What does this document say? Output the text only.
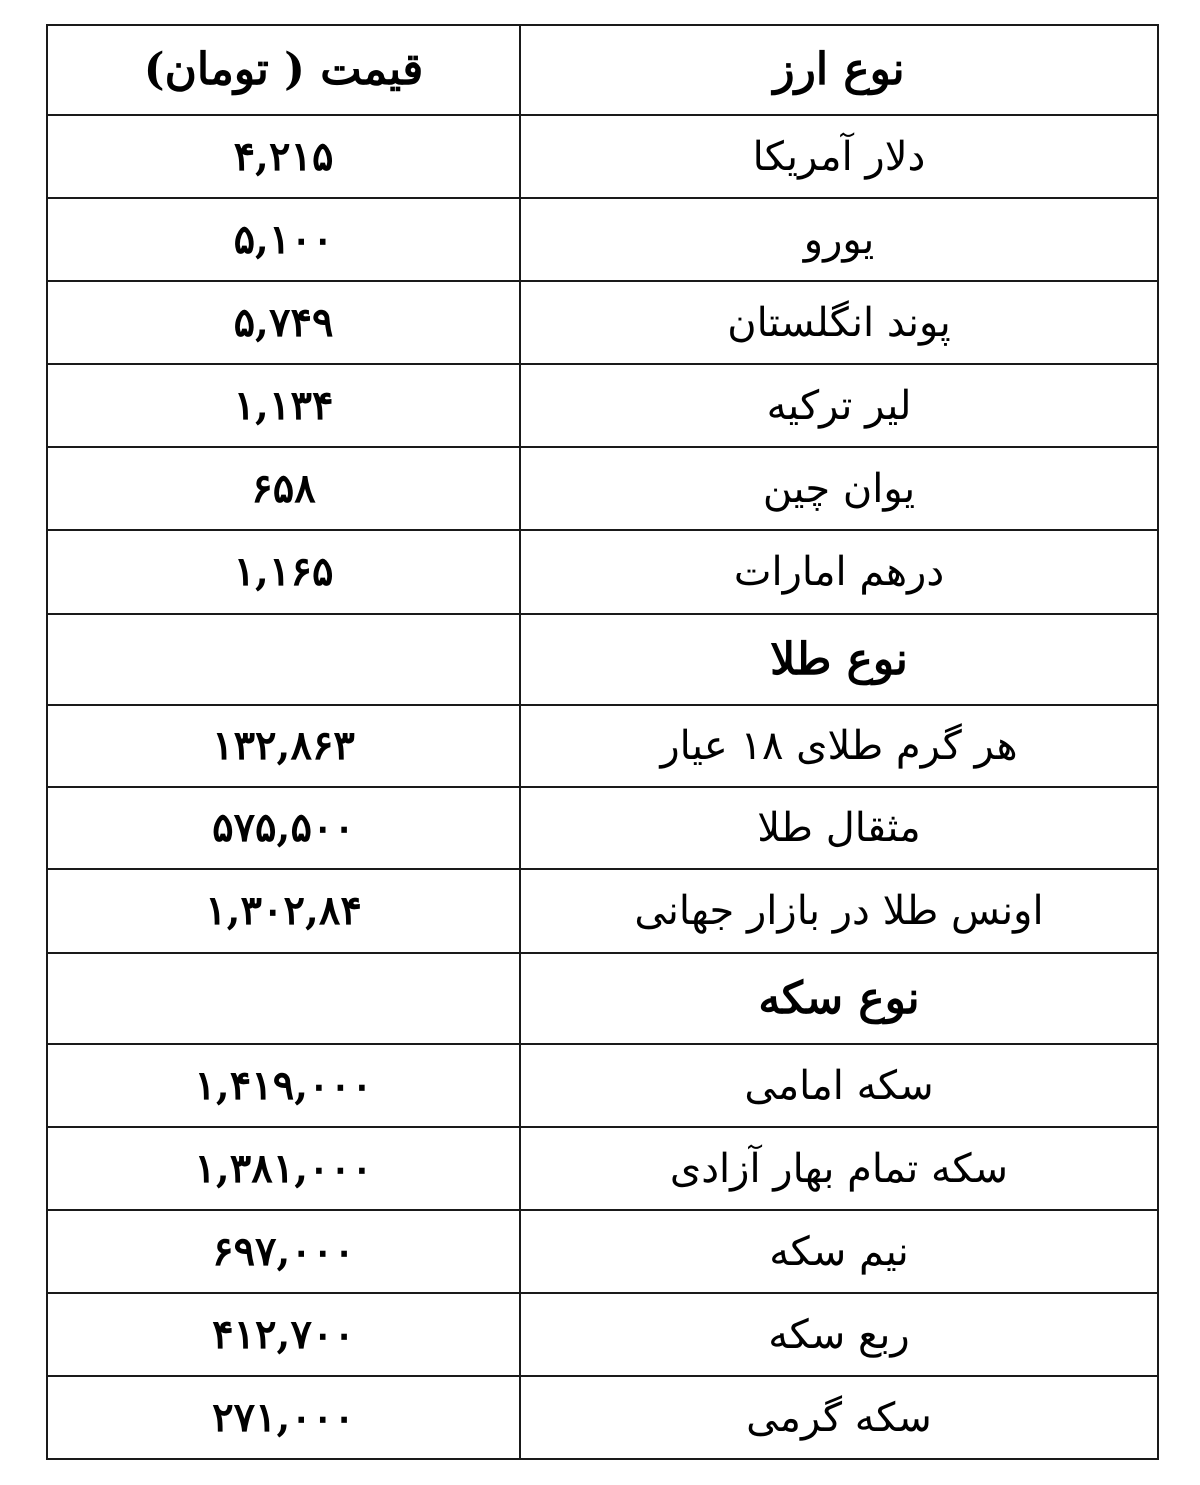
نوع ارز	قیمت ( تومان)
دلار آمریکا	۴,۲۱۵
یورو	۵,۱۰۰
پوند انگلستان	۵,۷۴۹
لیر ترکیه	۱,۱۳۴
یوان چین	۶۵۸
درهم امارات	۱,۱۶۵
نوع طلا	
هر گرم طلای ۱۸ عیار	۱۳۲,۸۶۳
مثقال طلا	۵۷۵,۵۰۰
اونس طلا در بازار جهانی	۱,۳۰۲,۸۴
نوع سکه	
سکه امامی	۱,۴۱۹,۰۰۰
سکه تمام بهار آزادی	۱,۳۸۱,۰۰۰
نیم سکه	۶۹۷,۰۰۰
ربع سکه	۴۱۲,۷۰۰
سکه گرمی	۲۷۱,۰۰۰
